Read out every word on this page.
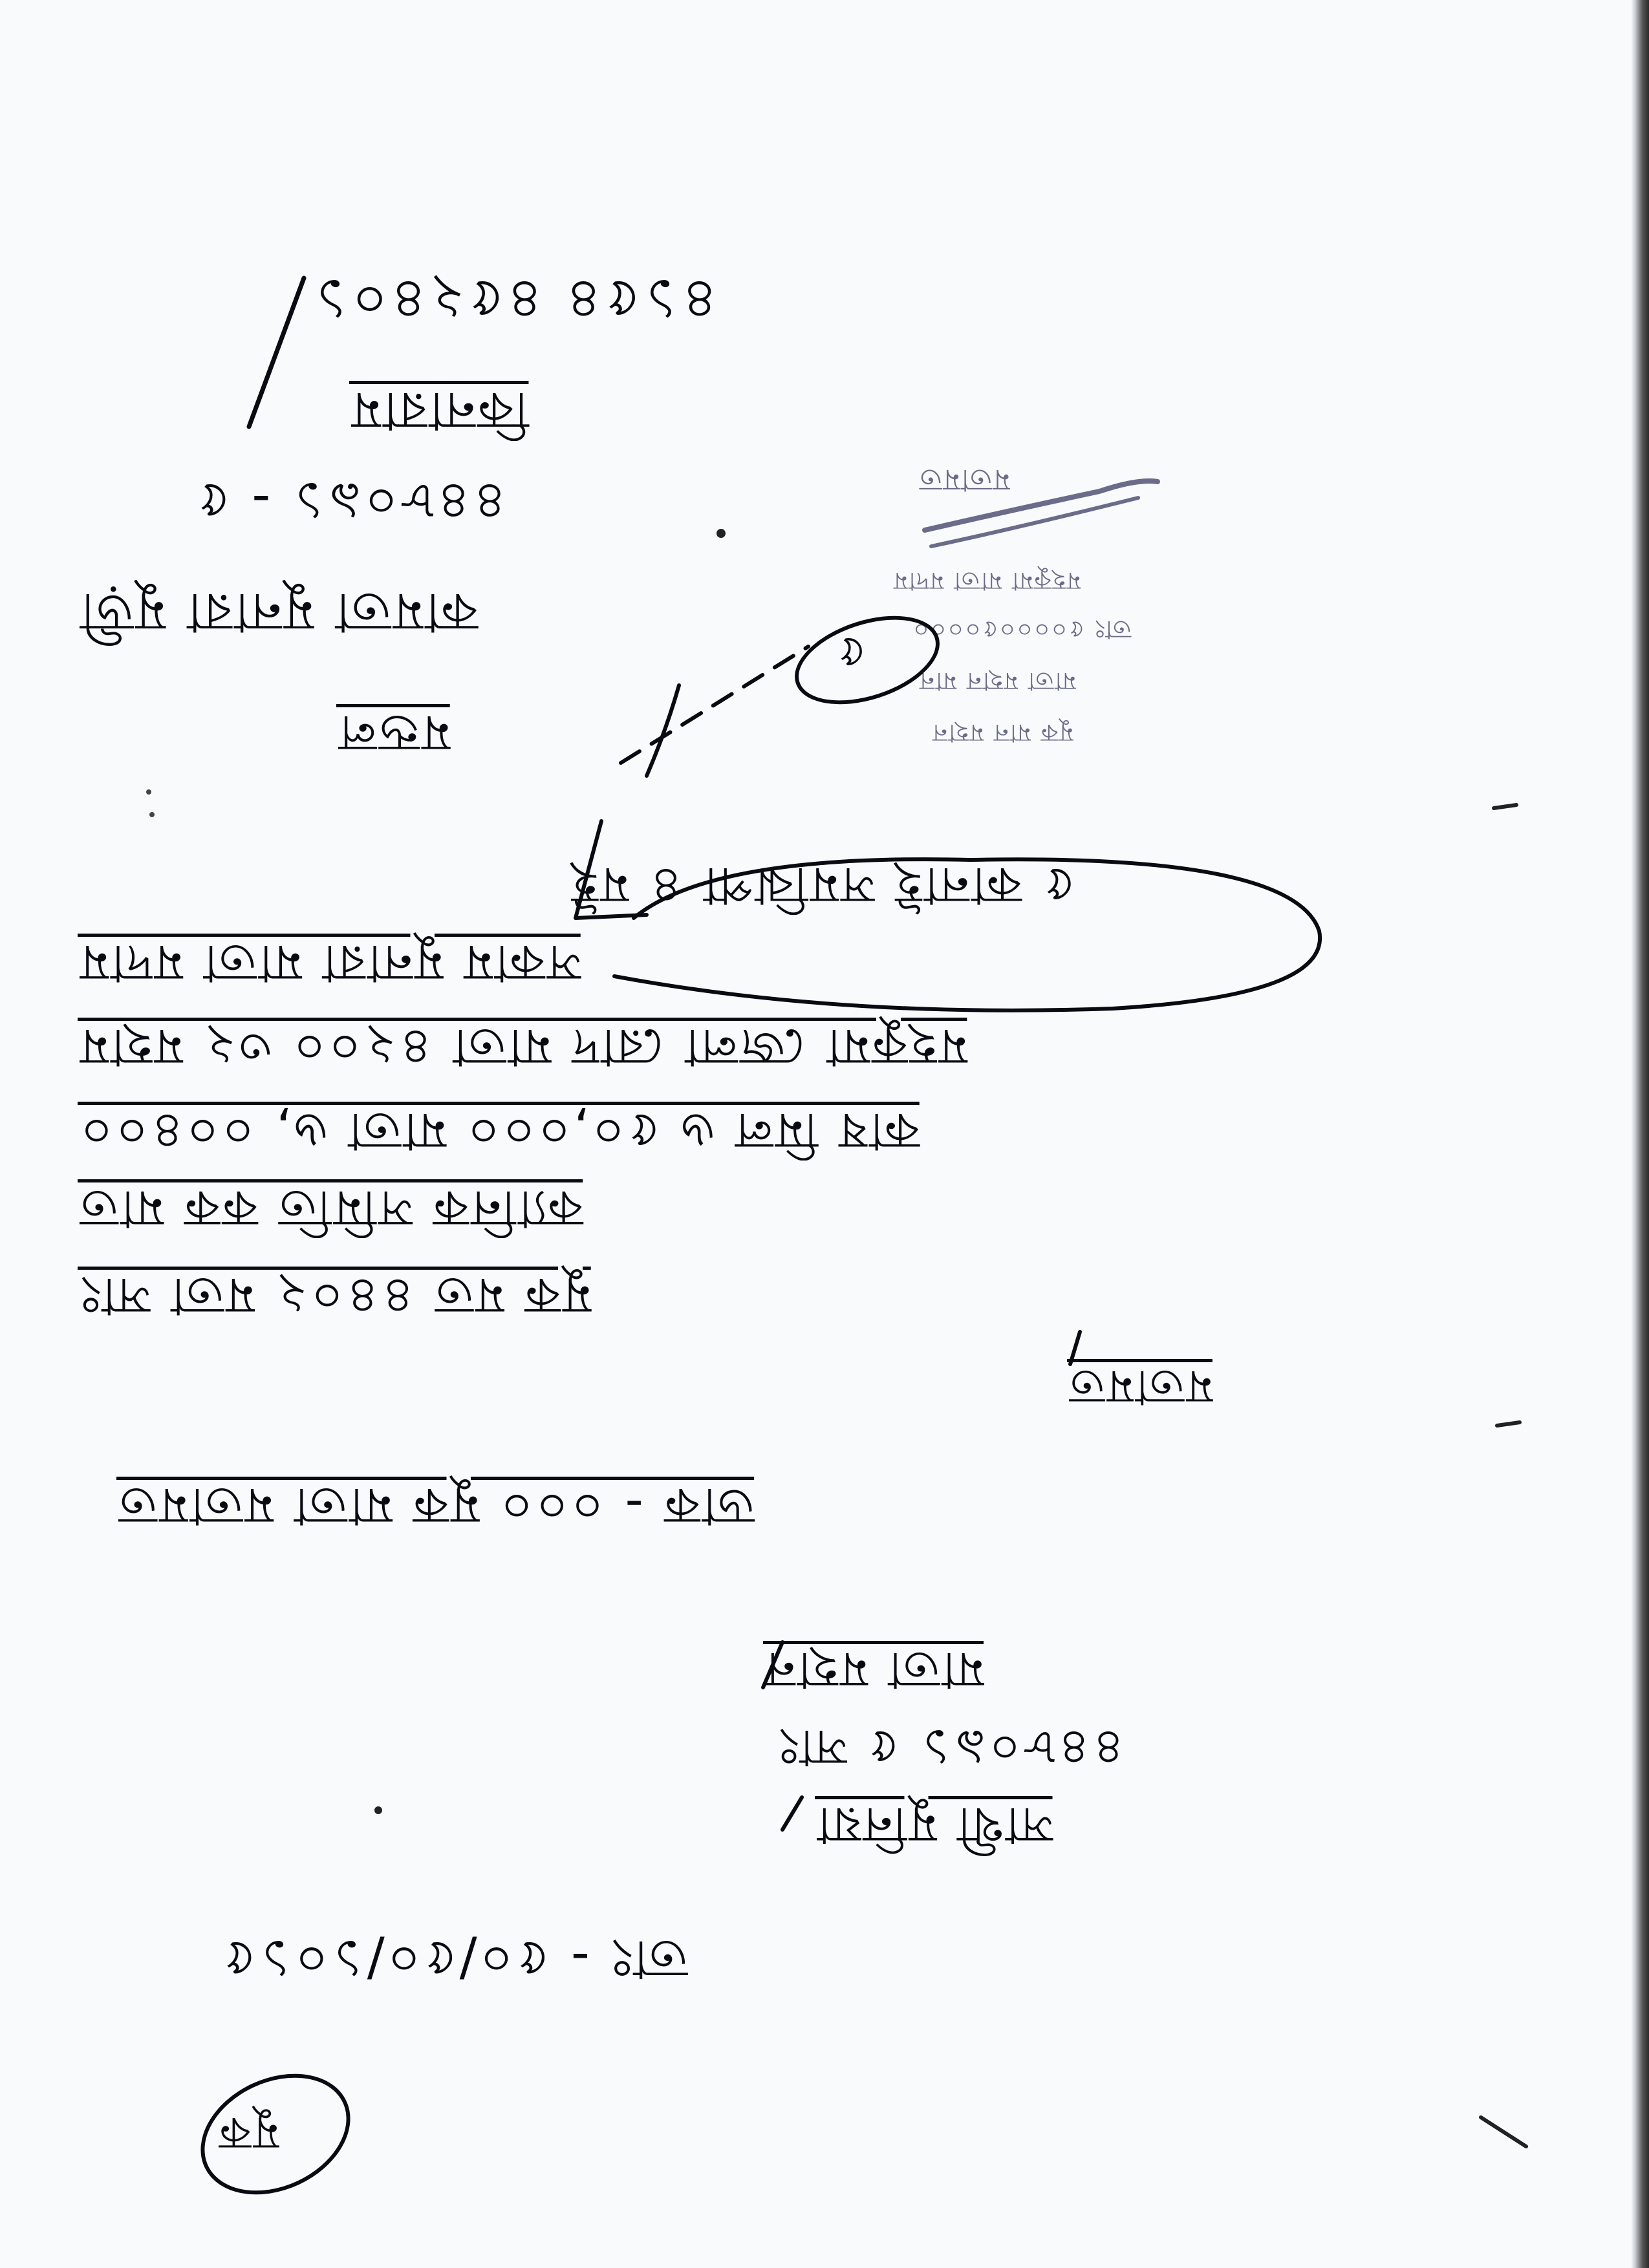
৪১৫৪ ৪৫২৪০১
কিনারাম
৪৪৮০৯১ - ৫
কামতা মুনারা মুড়ী
মন্ডল
৫ কানাই সমঝিপা ৪ মই
সকাম মুনারা মাতা মদাম
মহকুমা জেলা রোদ মাতা ৪২০০ ৩২ মহাম
কাষ মিল ৬ ৫০,০০০ মাতা ৬, ০০৪০০
ক্যানিক সমিতি কক মাত
মুক মত ৪৪০২ মতা সাং
মতামত
ডাক - ০০০ মুক মাতা মতামত
মাতা মহান
৪৪৮০৯১ ৫ সাং
সাথী মুনিয়া
তাং - ৫০/৫০/১০১৫
মতামত
মহকুমা মাতা মদাম
তাং ৫০০০০৫০০০০
মাতা মহান মান
মুক মান মহান
৫
মুক
